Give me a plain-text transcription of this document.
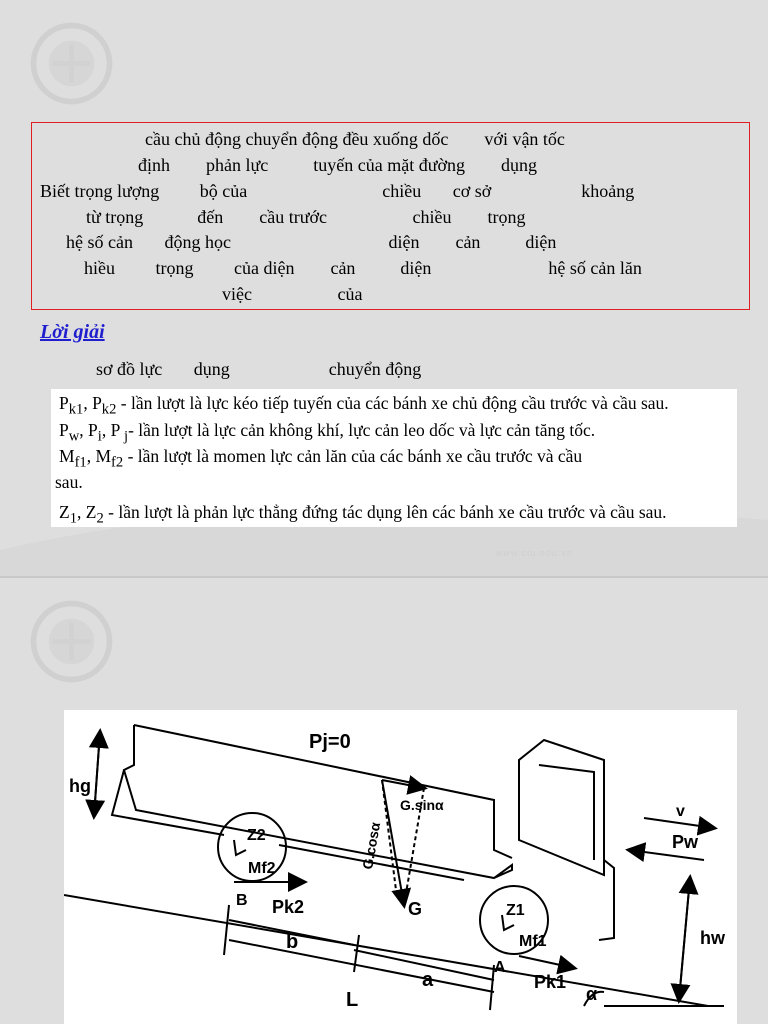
www.ctu.edu.vn
cầu chủ động chuyển động đều xuống dốc        với vận tốc
định        phản lực          tuyến của mặt đường        dụng
Biết trọng lượng         bộ của                              chiều       cơ sở                    khoảng
từ trọng            đến        cầu trước                   chiều        trọng
hệ số cản       động học                                   diện        cản          diện
hiều         trọng         của diện        cản          diện                          hệ số cản lăn
việc                   của
Lời giải
sơ đồ lực       dụng                      chuyển động
$P_{k1}$, $P_{k2}$ - lần lượt là lực kéo tiếp tuyến của các bánh xe chủ động cầu trước và cầu sau.
$P_w$, $P_i$, P $_j$- lần lượt là lực cản không khí, lực cản leo dốc và lực cản tăng tốc.
$M_{f1}$, $M_{f2}$ - lần lượt là momen lực cản lăn của các bánh xe cầu trước và cầu
sau.
$Z_1$, $Z_2$ - lần lượt là phản lực thẳng đứng tác dụng lên các bánh xe cầu trước và cầu sau.
Pj=0
hg
G.sinα
G.cosα
G
Z2
Mf2
B Pk2
b
L
a
Z1
Mf1
A
Pk1
α
v
Pw
hw
